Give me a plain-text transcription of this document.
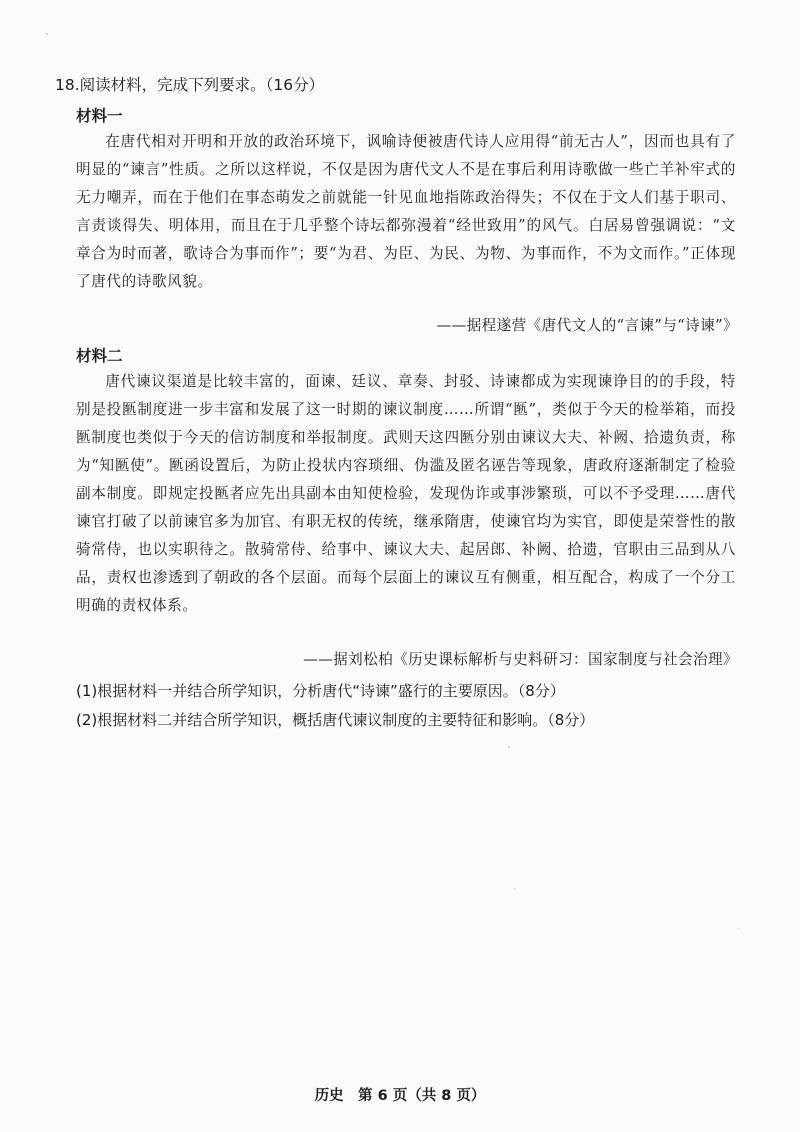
18.阅读材料，完成下列要求。（16分）
材料一
在唐代相对开明和开放的政治环境下，讽喻诗便被唐代诗人应用得“前无古人”，因而也具有了明显的“谏言”性质。之所以这样说，不仅是因为唐代文人不是在事后利用诗歌做一些亡羊补牢式的无力嘲弄，而在于他们在事态萌发之前就能一针见血地指陈政治得失；不仅在于文人们基于职司、言责谈得失、明体用，而且在于几乎整个诗坛都弥漫着“经世致用”的风气。白居易曾强调说：“文章合为时而著，歌诗合为事而作”；要“为君、为臣、为民、为物、为事而作，不为文而作。”正体现了唐代的诗歌风貌。
——据程遂营《唐代文人的“言谏”与“诗谏”》
材料二
唐代谏议渠道是比较丰富的，面谏、廷议、章奏、封驳、诗谏都成为实现谏诤目的的手段，特别是投匦制度进一步丰富和发展了这一时期的谏议制度……所谓“匦”，类似于今天的检举箱，而投匦制度也类似于今天的信访制度和举报制度。武则天这四匦分别由谏议大夫、补阙、拾遗负责，称为“知匦使”。匦函设置后，为防止投状内容琐细、伪滥及匿名诬告等现象，唐政府逐渐制定了检验副本制度。即规定投匦者应先出具副本由知使检验，发现伪诈或事涉繁琐，可以不予受理……唐代谏官打破了以前谏官多为加官、有职无权的传统，继承隋唐，使谏官均为实官，即使是荣誉性的散骑常侍，也以实职待之。散骑常侍、给事中、谏议大夫、起居郎、补阙、拾遗，官职由三品到从八品，责权也渗透到了朝政的各个层面。而每个层面上的谏议互有侧重，相互配合，构成了一个分工明确的责权体系。
——据刘松柏《历史课标解析与史料研习：国家制度与社会治理》
(1)根据材料一并结合所学知识，分析唐代“诗谏”盛行的主要原因。（8分）
(2)根据材料二并结合所学知识，概括唐代谏议制度的主要特征和影响。（8分）
历史　第 6 页（共 8 页）
